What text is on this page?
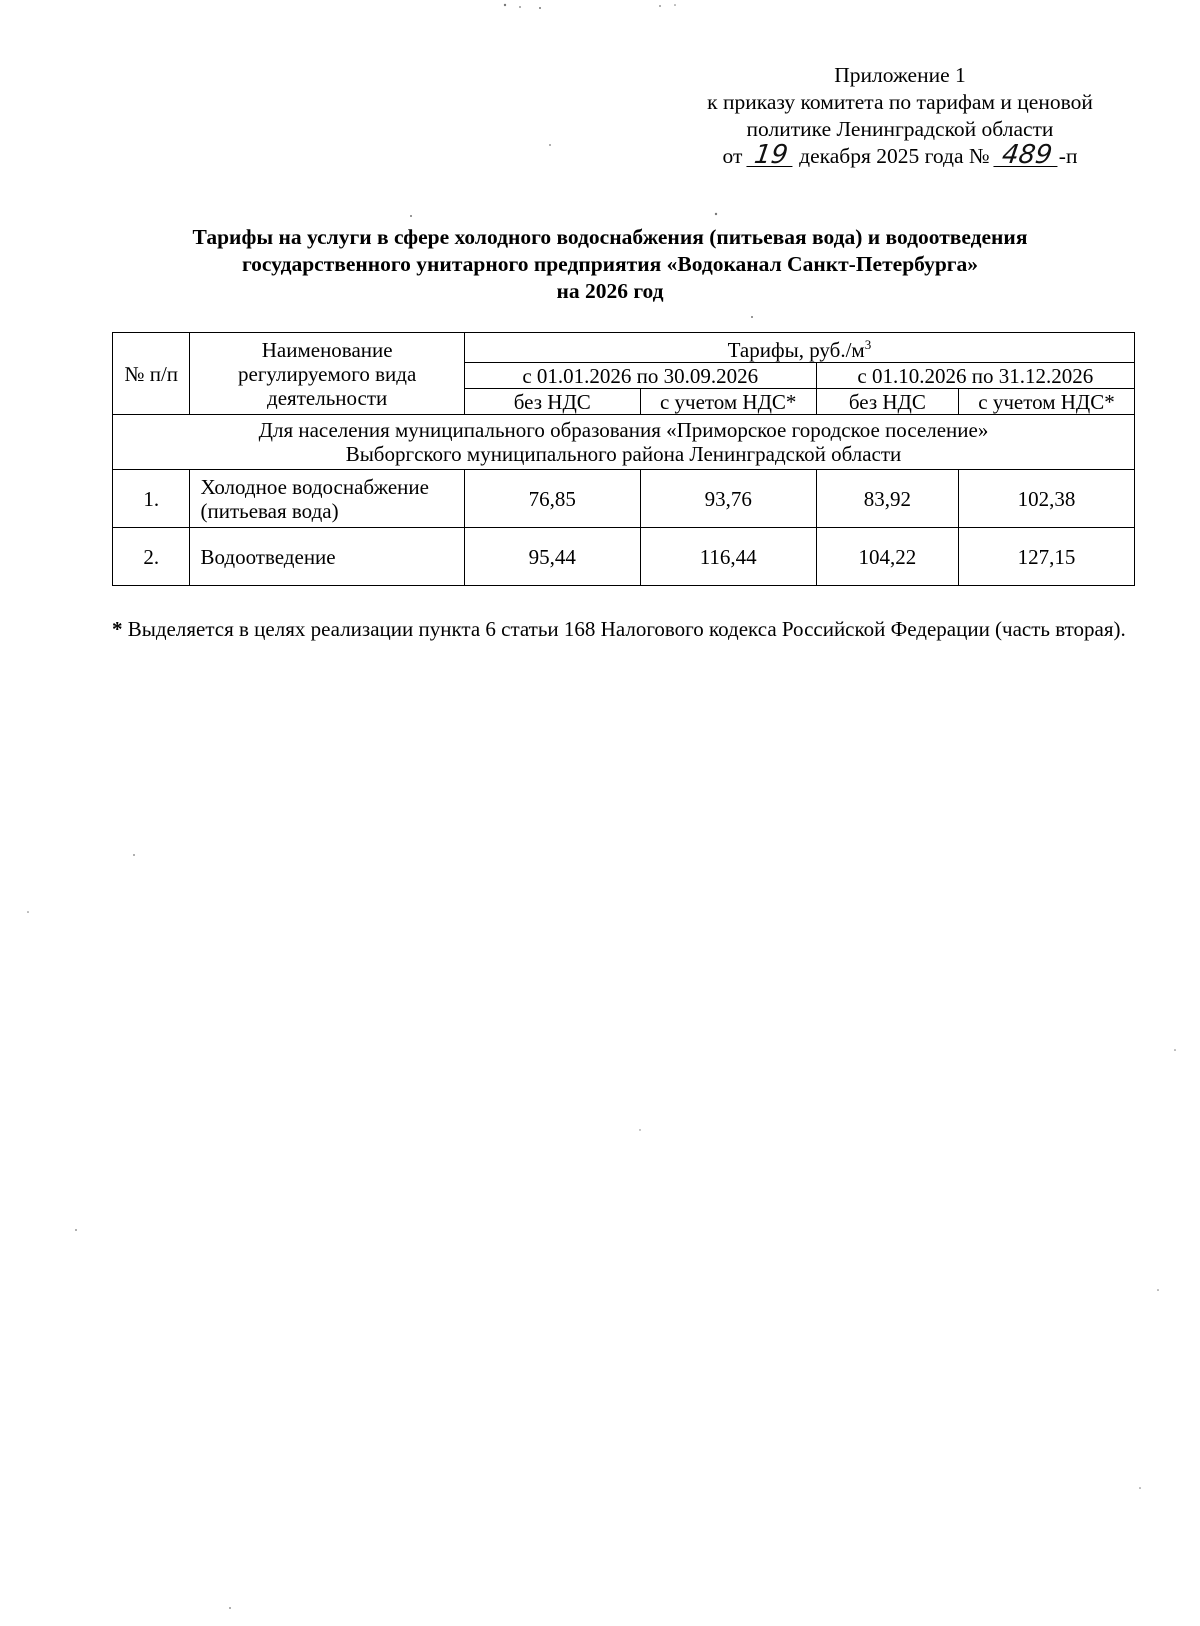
Приложение 1
к приказу комитета по тарифам и ценовой
политике Ленинградской области
от 19 декабря 2025 года № 489 -п
Тарифы на услуги в сфере холодного водоснабжения (питьевая вода) и водоотведения
государственного унитарного предприятия «Водоканал Санкт-Петербурга»
на 2026 год
№ п/п	Наименование регулируемого вида деятельности	Тарифы, $руб./м^3$
		с 01.01.2026 по 30.09.2026		с 01.10.2026 по 31.12.2026	
		без НДС	с учетом НДС*	без НДС	с учетом НДС*

Для населения муниципального образования «Приморское городское поселение»
Выборгского муниципального района Ленинградской области					

1.	Холодное водоснабжение (питьевая вода)	76,85	93,76	83,92	102,38
2.	Водоотведение	95,44	116,44	104,22	127,15
* Выделяется в целях реализации пункта 6 статьи 168 Налогового кодекса Российской Федерации (часть вторая).
